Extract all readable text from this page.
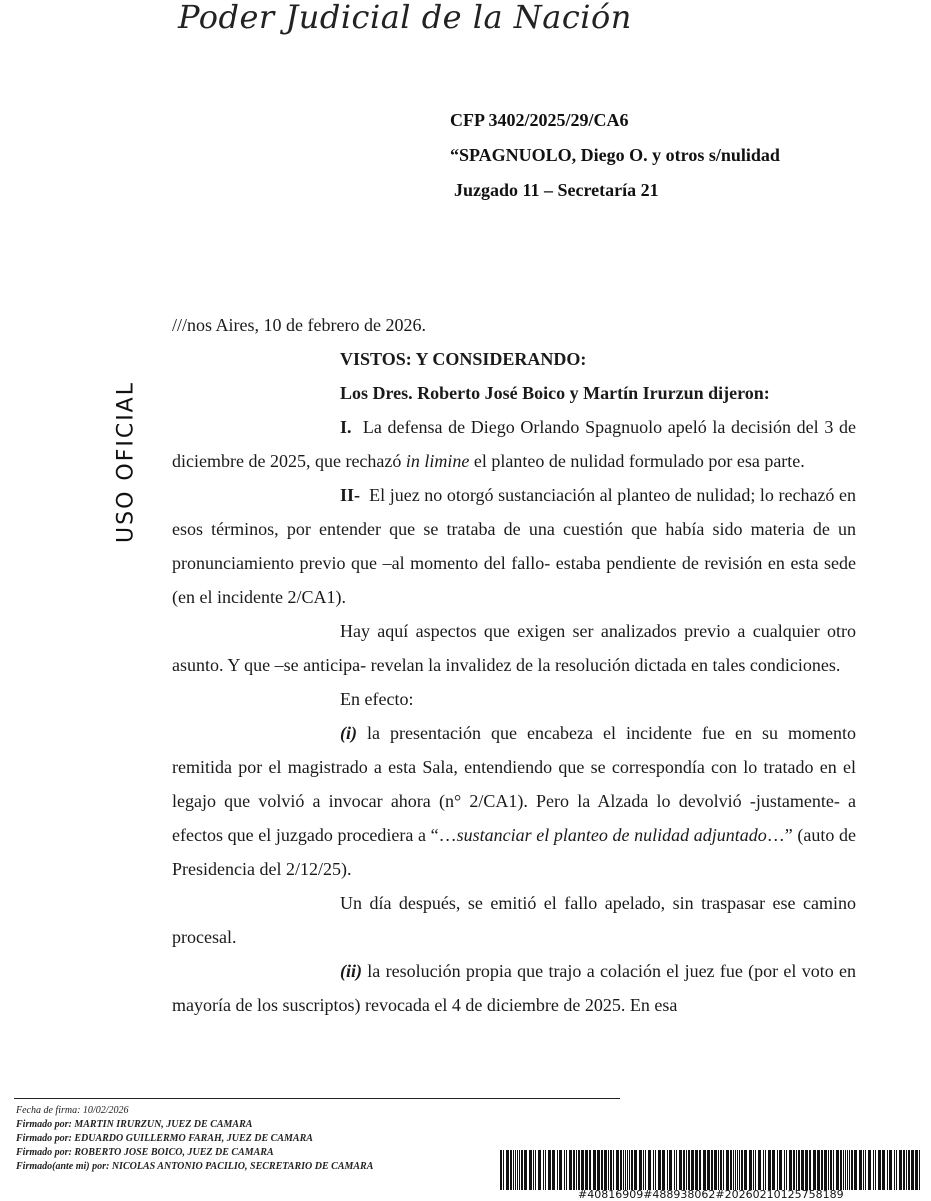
Poder Judicial de la Nación
CFP 3402/2025/29/CA6
“SPAGNUOLO, Diego O. y otros s/nulidad
Juzgado 11 – Secretaría 21
USO OFICIAL

///nos Aires, 10 de febrero de 2026.

VISTOS: Y CONSIDERANDO:

Los Dres. Roberto José Boico y Martín Irurzun dijeron:

I. La defensa de Diego Orlando Spagnuolo apeló la decisión del 3 de diciembre de 2025, que rechazó in limine el planteo de nulidad formulado por esa parte.

II- El juez no otorgó sustanciación al planteo de nulidad; lo rechazó en esos términos, por entender que se trataba de una cuestión que había sido materia de un pronunciamiento previo que –al momento del fallo- estaba pendiente de revisión en esta sede (en el incidente 2/CA1).

Hay aquí aspectos que exigen ser analizados previo a cualquier otro asunto. Y que –se anticipa- revelan la invalidez de la resolución dictada en tales condiciones.

En efecto:

(i) la presentación que encabeza el incidente fue en su momento remitida por el magistrado a esta Sala, entendiendo que se correspondía con lo tratado en el legajo que volvió a invocar ahora (n° 2/CA1). Pero la Alzada lo devolvió -justamente- a efectos que el juzgado procediera a “…sustanciar el planteo de nulidad adjuntado…” (auto de Presidencia del 2/12/25).

Un día después, se emitió el fallo apelado, sin traspasar ese camino procesal.

(ii) la resolución propia que trajo a colación el juez fue (por el voto en mayoría de los suscriptos) revocada el 4 de diciembre de 2025. En esa

Fecha de firma: 10/02/2026
Firmado por: MARTIN IRURZUN, JUEZ DE CAMARA
Firmado por: EDUARDO GUILLERMO FARAH, JUEZ DE CAMARA
Firmado por: ROBERTO JOSE BOICO, JUEZ DE CAMARA
Firmado(ante mi) por: NICOLAS ANTONIO PACILIO, SECRETARIO DE CAMARA
#40816909#488938062#20260210125758189
